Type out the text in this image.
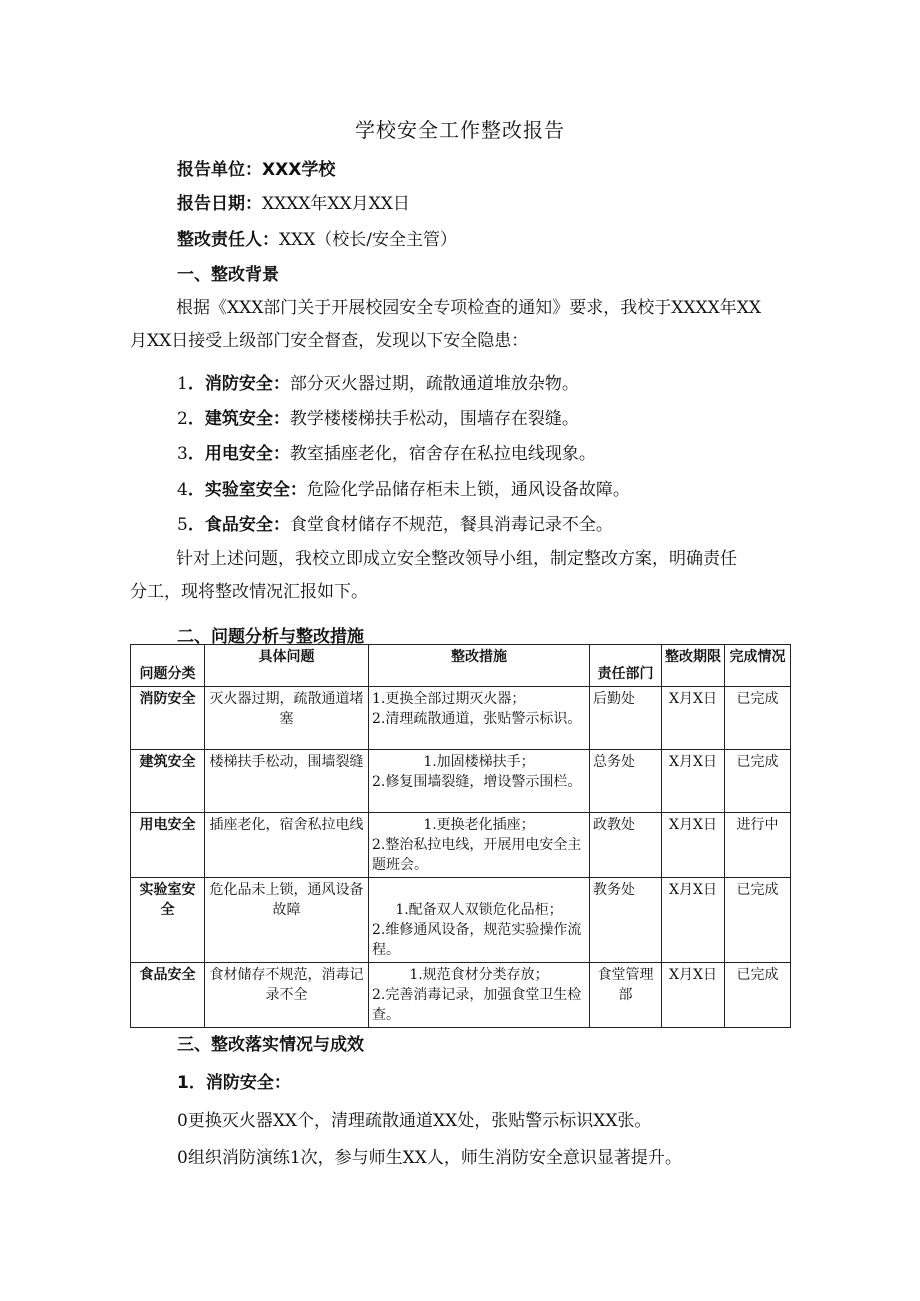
学校安全工作整改报告
报告单位：XXX学校
报告日期：XXXX年XX月XX日
整改责任人：XXX（校长/安全主管）
一、整改背景
根据《XXX部门关于开展校园安全专项检查的通知》要求，我校于XXXX年XX
月XX日接受上级部门安全督查，发现以下安全隐患：
1．消防安全：部分灭火器过期，疏散通道堆放杂物。
2．建筑安全：教学楼楼梯扶手松动，围墙存在裂缝。
3．用电安全：教室插座老化，宿舍存在私拉电线现象。
4．实验室安全：危险化学品储存柜未上锁，通风设备故障。
5．食品安全：食堂食材储存不规范，餐具消毒记录不全。
针对上述问题，我校立即成立安全整改领导小组，制定整改方案，明确责任
分工，现将整改情况汇报如下。
二、问题分析与整改措施
问题分类	具体问题	整改措施	责任部门	整改期限	完成情况
消防安全	灭火器过期，疏散通道堵塞	1.更换全部过期灭火器；
2.清理疏散通道，张贴警示标识。	后勤处	X月X日	已完成
建筑安全	楼梯扶手松动，围墙裂缝	1.加固楼梯扶手；
2.修复围墙裂缝，增设警示围栏。	总务处	X月X日	已完成
用电安全	插座老化，宿舍私拉电线	1.更换老化插座；
2.整治私拉电线，开展用电安全主题班会。	政教处	X月X日	进行中
实验室安全	危化品未上锁，通风设备故障	1.配备双人双锁危化品柜；
2.维修通风设备，规范实验操作流程。	教务处	X月X日	已完成
食品安全	食材储存不规范，消毒记录不全	1.规范食材分类存放；
2.完善消毒记录，加强食堂卫生检查。	食堂管理部	X月X日	已完成
三、整改落实情况与成效
1．消防安全：
0更换灭火器XX个，清理疏散通道XX处，张贴警示标识XX张。
0组织消防演练1次，参与师生XX人，师生消防安全意识显著提升。
